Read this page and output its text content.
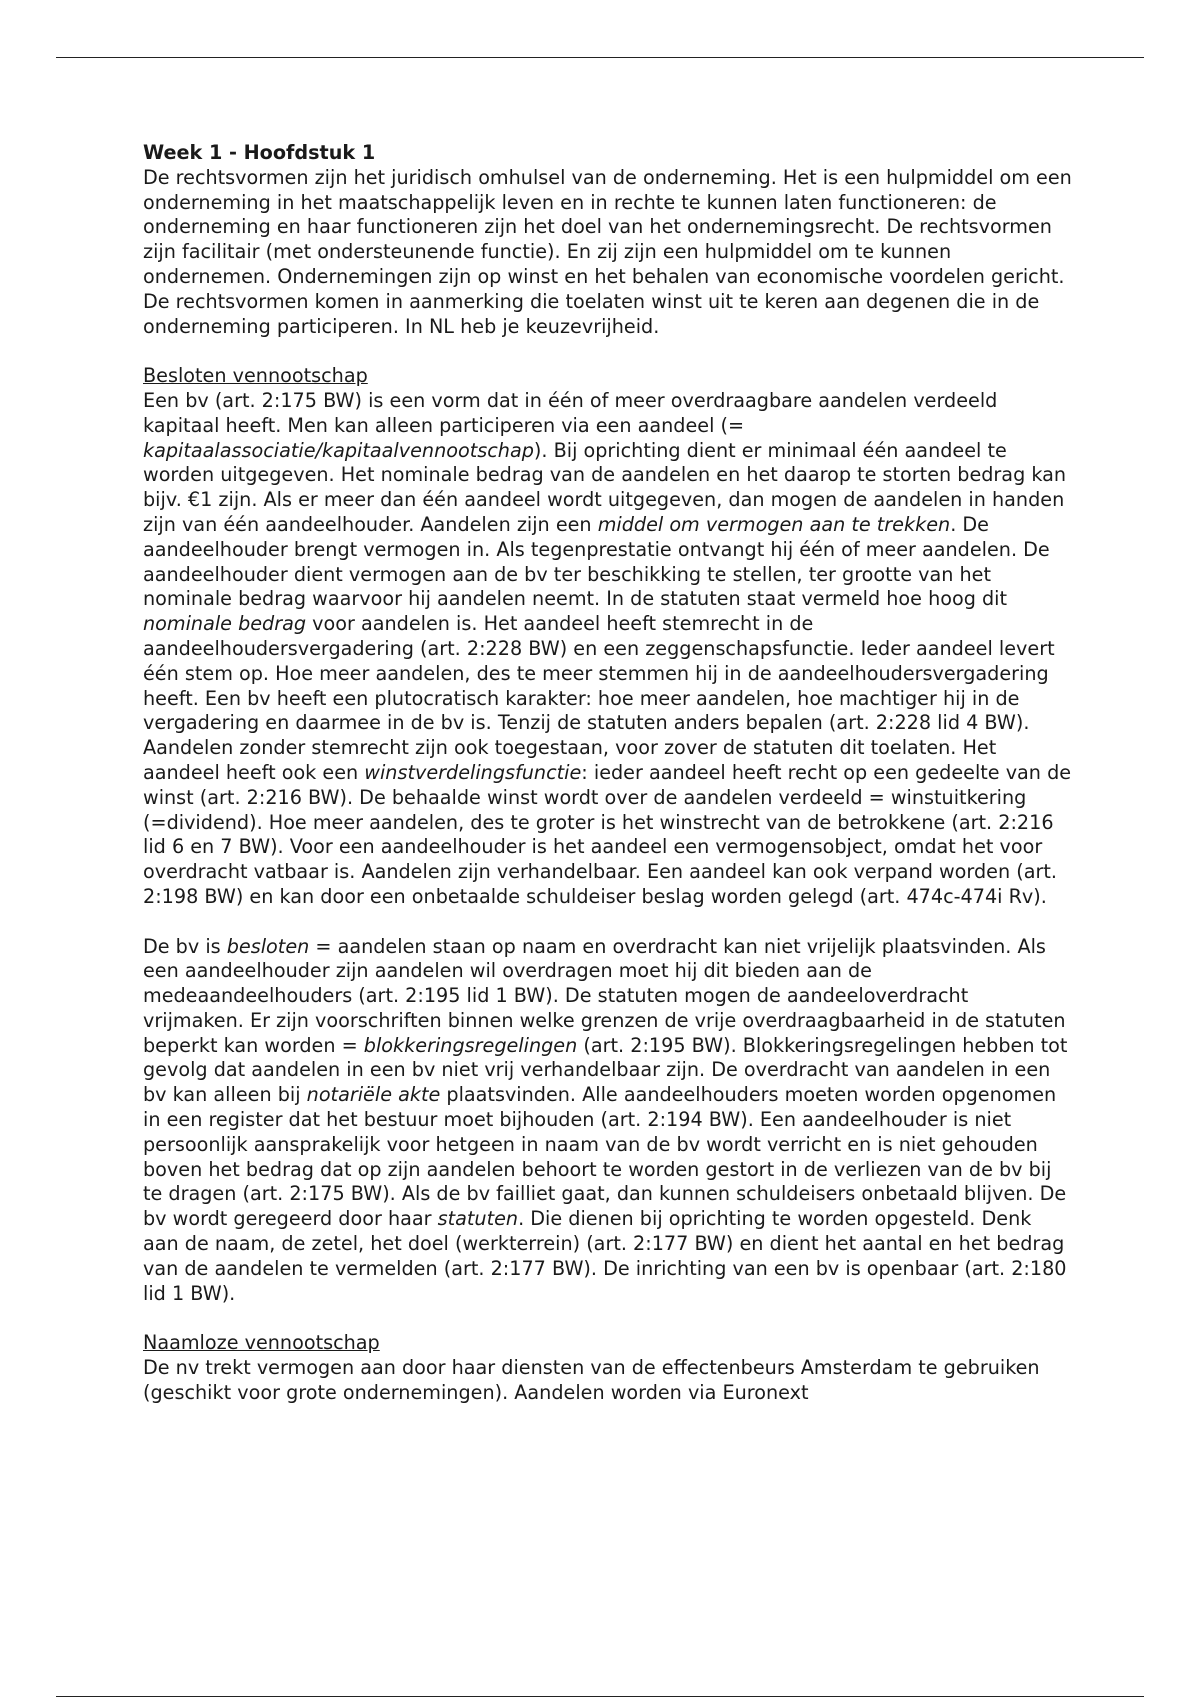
Week 1 - Hoofdstuk 1

De rechtsvormen zijn het juridisch omhulsel van de onderneming. Het is een hulpmiddel om een onderneming in het maatschappelijk leven en in rechte te kunnen laten functioneren: de onderneming en haar functioneren zijn het doel van het ondernemingsrecht. De rechtsvormen zijn facilitair (met ondersteunende functie). En zij zijn een hulpmiddel om te kunnen ondernemen. Ondernemingen zijn op winst en het behalen van economische voordelen gericht. De rechtsvormen komen in aanmerking die toelaten winst uit te keren aan degenen die in de onderneming participeren. In NL heb je keuzevrijheid.

Besloten vennootschap

Een bv (art. 2:175 BW) is een vorm dat in één of meer overdraagbare aandelen verdeeld kapitaal heeft. Men kan alleen participeren via een aandeel (= kapitaalassociatie/kapitaalvennootschap). Bij oprichting dient er minimaal één aandeel te worden uitgegeven. Het nominale bedrag van de aandelen en het daarop te storten bedrag kan bijv. €1 zijn. Als er meer dan één aandeel wordt uitgegeven, dan mogen de aandelen in handen zijn van één aandeelhouder. Aandelen zijn een middel om vermogen aan te trekken. De aandeelhouder brengt vermogen in. Als tegenprestatie ontvangt hij één of meer aandelen. De aandeelhouder dient vermogen aan de bv ter beschikking te stellen, ter grootte van het nominale bedrag waarvoor hij aandelen neemt. In de statuten staat vermeld hoe hoog dit nominale bedrag voor aandelen is. Het aandeel heeft stemrecht in de aandeelhoudersvergadering (art. 2:228 BW) en een zeggenschapsfunctie. Ieder aandeel levert één stem op. Hoe meer aandelen, des te meer stemmen hij in de aandeelhoudersvergadering heeft. Een bv heeft een plutocratisch karakter: hoe meer aandelen, hoe machtiger hij in de vergadering en daarmee in de bv is. Tenzij de statuten anders bepalen (art. 2:228 lid 4 BW). Aandelen zonder stemrecht zijn ook toegestaan, voor zover de statuten dit toelaten. Het aandeel heeft ook een winstverdelingsfunctie: ieder aandeel heeft recht op een gedeelte van de winst (art. 2:216 BW). De behaalde winst wordt over de aandelen verdeeld = winstuitkering (=dividend). Hoe meer aandelen, des te groter is het winstrecht van de betrokkene (art. 2:216 lid 6 en 7 BW). Voor een aandeelhouder is het aandeel een vermogensobject, omdat het voor overdracht vatbaar is. Aandelen zijn verhandelbaar. Een aandeel kan ook verpand worden (art. 2:198 BW) en kan door een onbetaalde schuldeiser beslag worden gelegd (art. 474c-474i Rv).

De bv is besloten = aandelen staan op naam en overdracht kan niet vrijelijk plaatsvinden. Als een aandeelhouder zijn aandelen wil overdragen moet hij dit bieden aan de medeaandeelhouders (art. 2:195 lid 1 BW). De statuten mogen de aandeeloverdracht vrijmaken. Er zijn voorschriften binnen welke grenzen de vrije overdraagbaarheid in de statuten beperkt kan worden = blokkeringsregelingen (art. 2:195 BW). Blokkeringsregelingen hebben tot gevolg dat aandelen in een bv niet vrij verhandelbaar zijn. De overdracht van aandelen in een bv kan alleen bij notariële akte plaatsvinden. Alle aandeelhouders moeten worden opgenomen in een register dat het bestuur moet bijhouden (art. 2:194 BW). Een aandeelhouder is niet persoonlijk aansprakelijk voor hetgeen in naam van de bv wordt verricht en is niet gehouden boven het bedrag dat op zijn aandelen behoort te worden gestort in de verliezen van de bv bij te dragen (art. 2:175 BW). Als de bv failliet gaat, dan kunnen schuldeisers onbetaald blijven. De bv wordt geregeerd door haar statuten. Die dienen bij oprichting te worden opgesteld. Denk aan de naam, de zetel, het doel (werkterrein) (art. 2:177 BW) en dient het aantal en het bedrag van de aandelen te vermelden (art. 2:177 BW). De inrichting van een bv is openbaar (art. 2:180 lid 1 BW).

Naamloze vennootschap

De nv trekt vermogen aan door haar diensten van de effectenbeurs Amsterdam te gebruiken (geschikt voor grote ondernemingen). Aandelen worden via Euronext
